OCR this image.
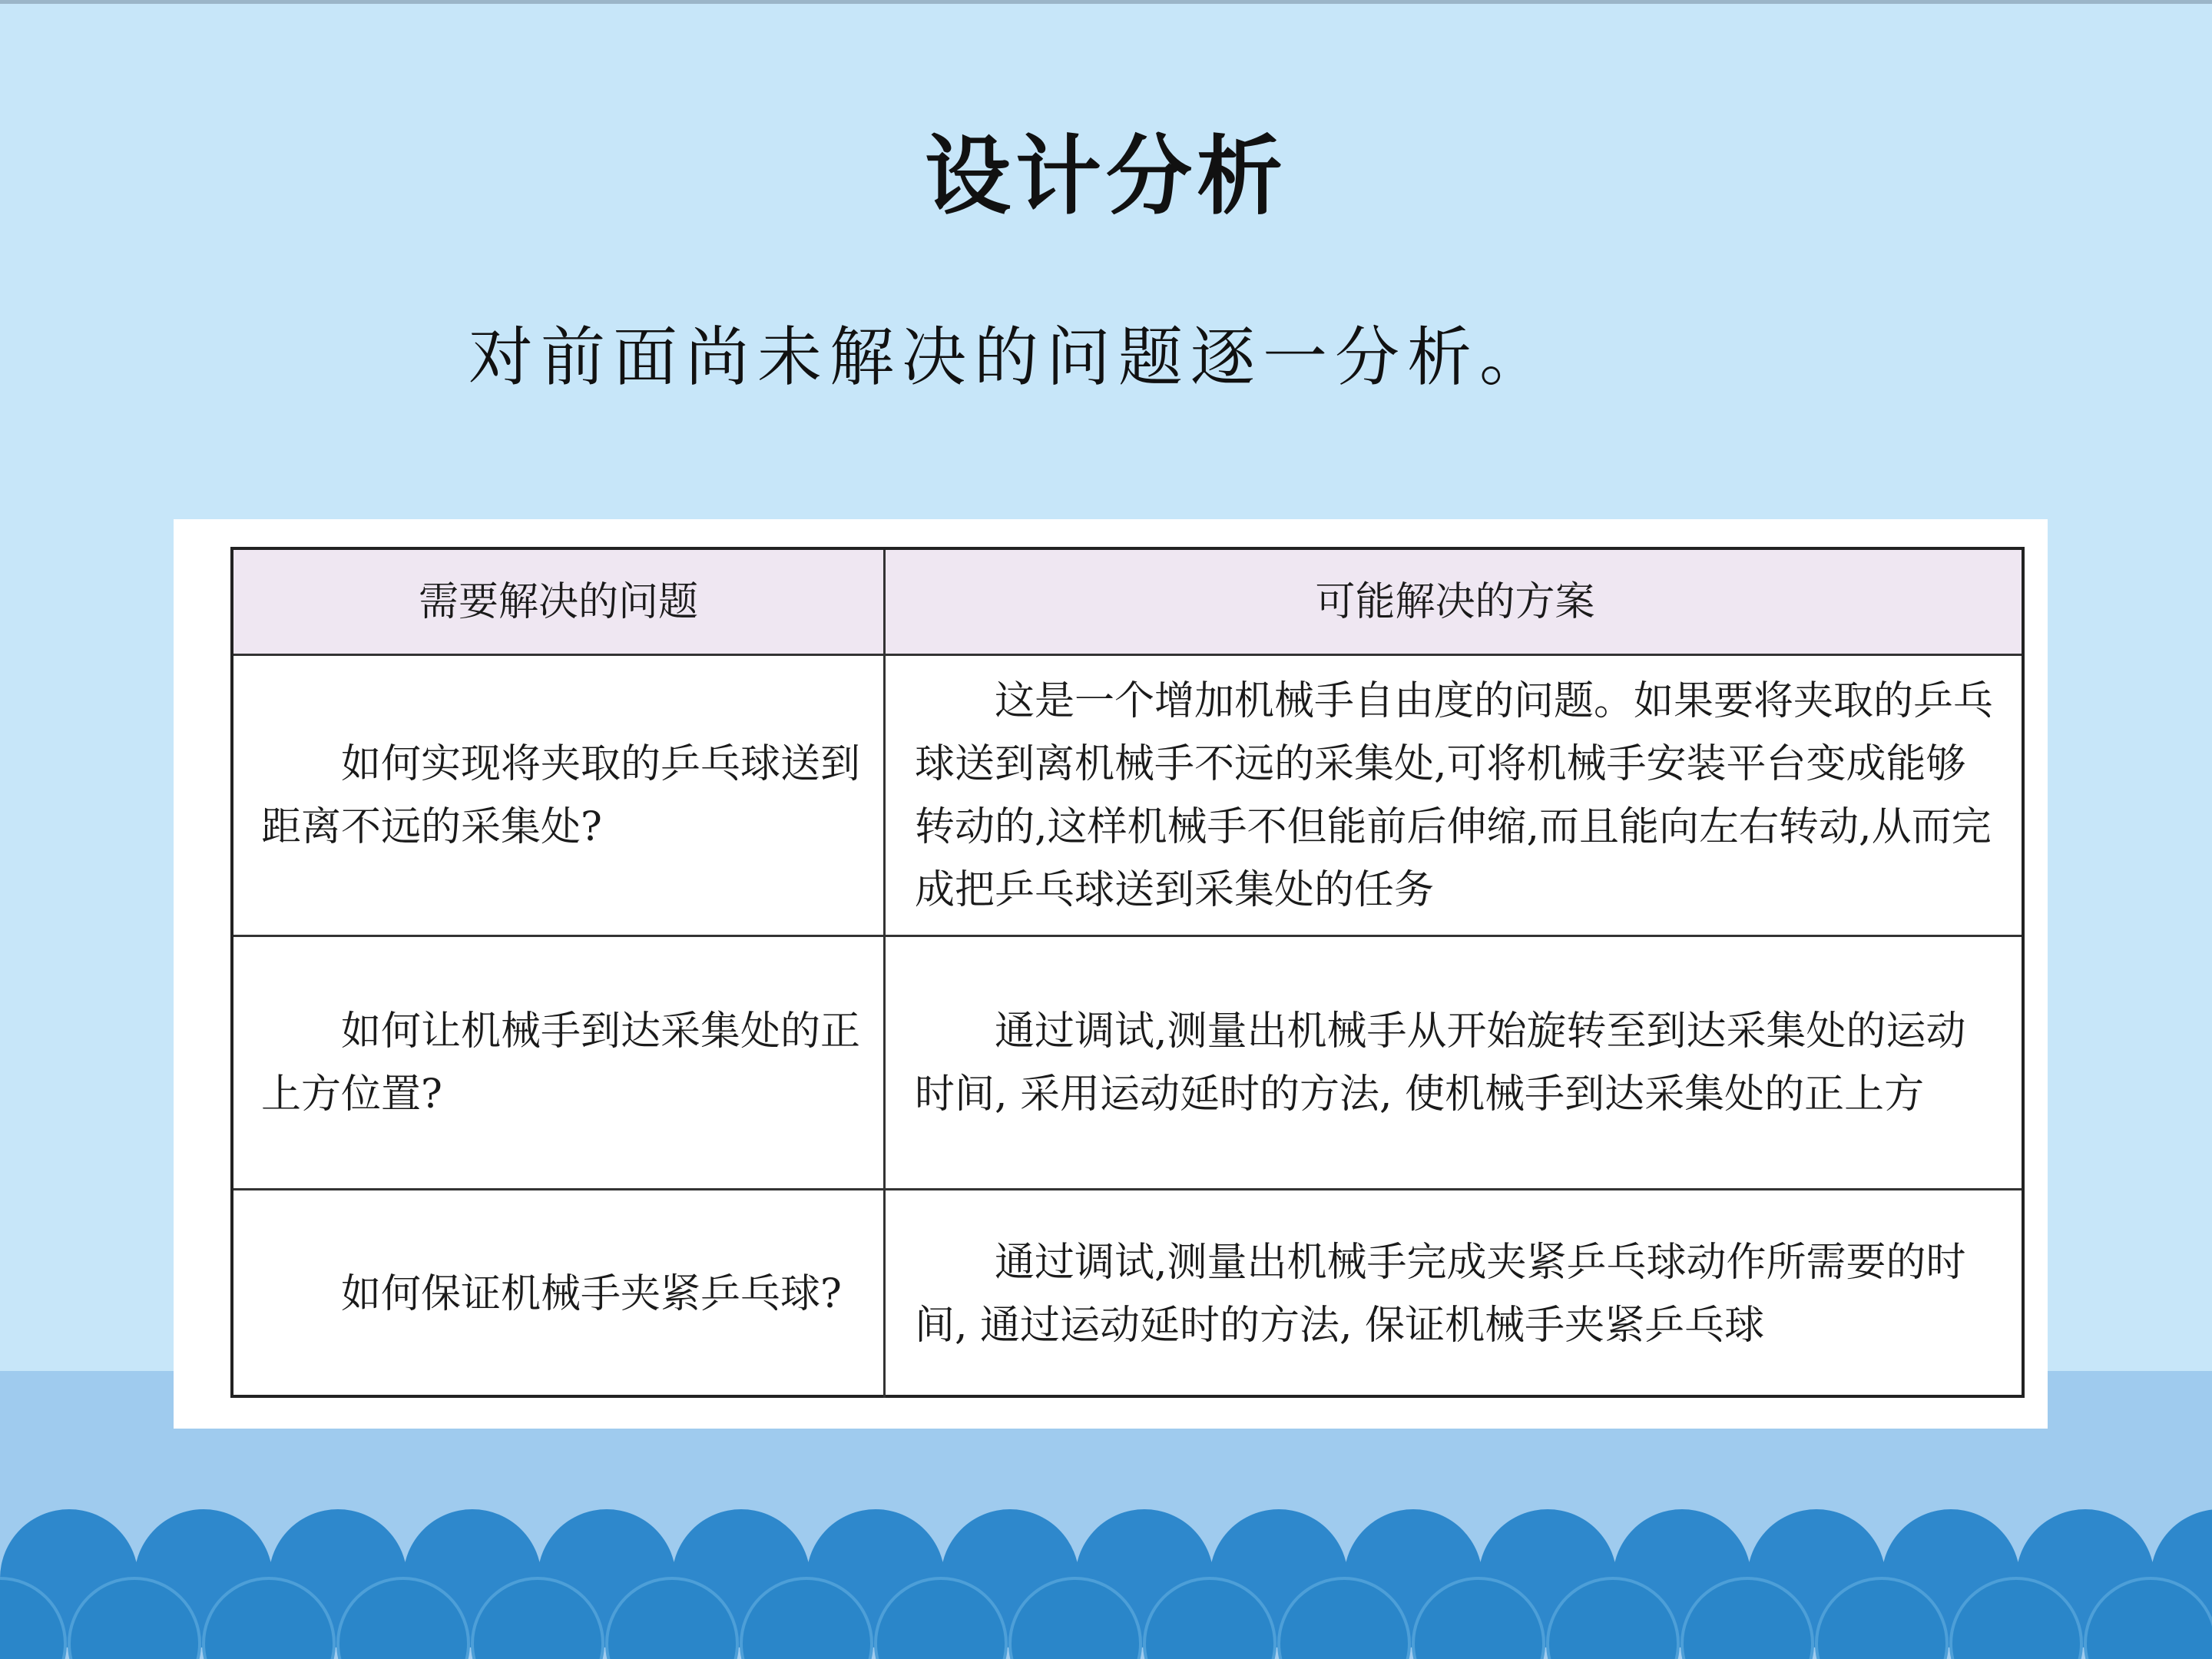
设计分析
对前面尚未解决的问题逐一分析。
需要解决的问题	可能解决的方案
如何实现将夹取的乒乓球送到距离不远的采集处?
这是一个增加机械手自由度的问题。如果要将夹取的乒乓球送到离机械手不远的采集处,可将机械手安装平台变成能够转动的,这样机械手不但能前后伸缩,而且能向左右转动,从而完成把乒乓球送到采集处的任务
如何让机械手到达采集处的正上方位置?
通过调试,测量出机械手从开始旋转至到达采集处的运动时间, 采用运动延时的方法, 使机械手到达采集处的正上方
如何保证机械手夹紧乒乓球?
通过调试,测量出机械手完成夹紧乒乓球动作所需要的时间, 通过运动延时的方法, 保证机械手夹紧乒乓球
